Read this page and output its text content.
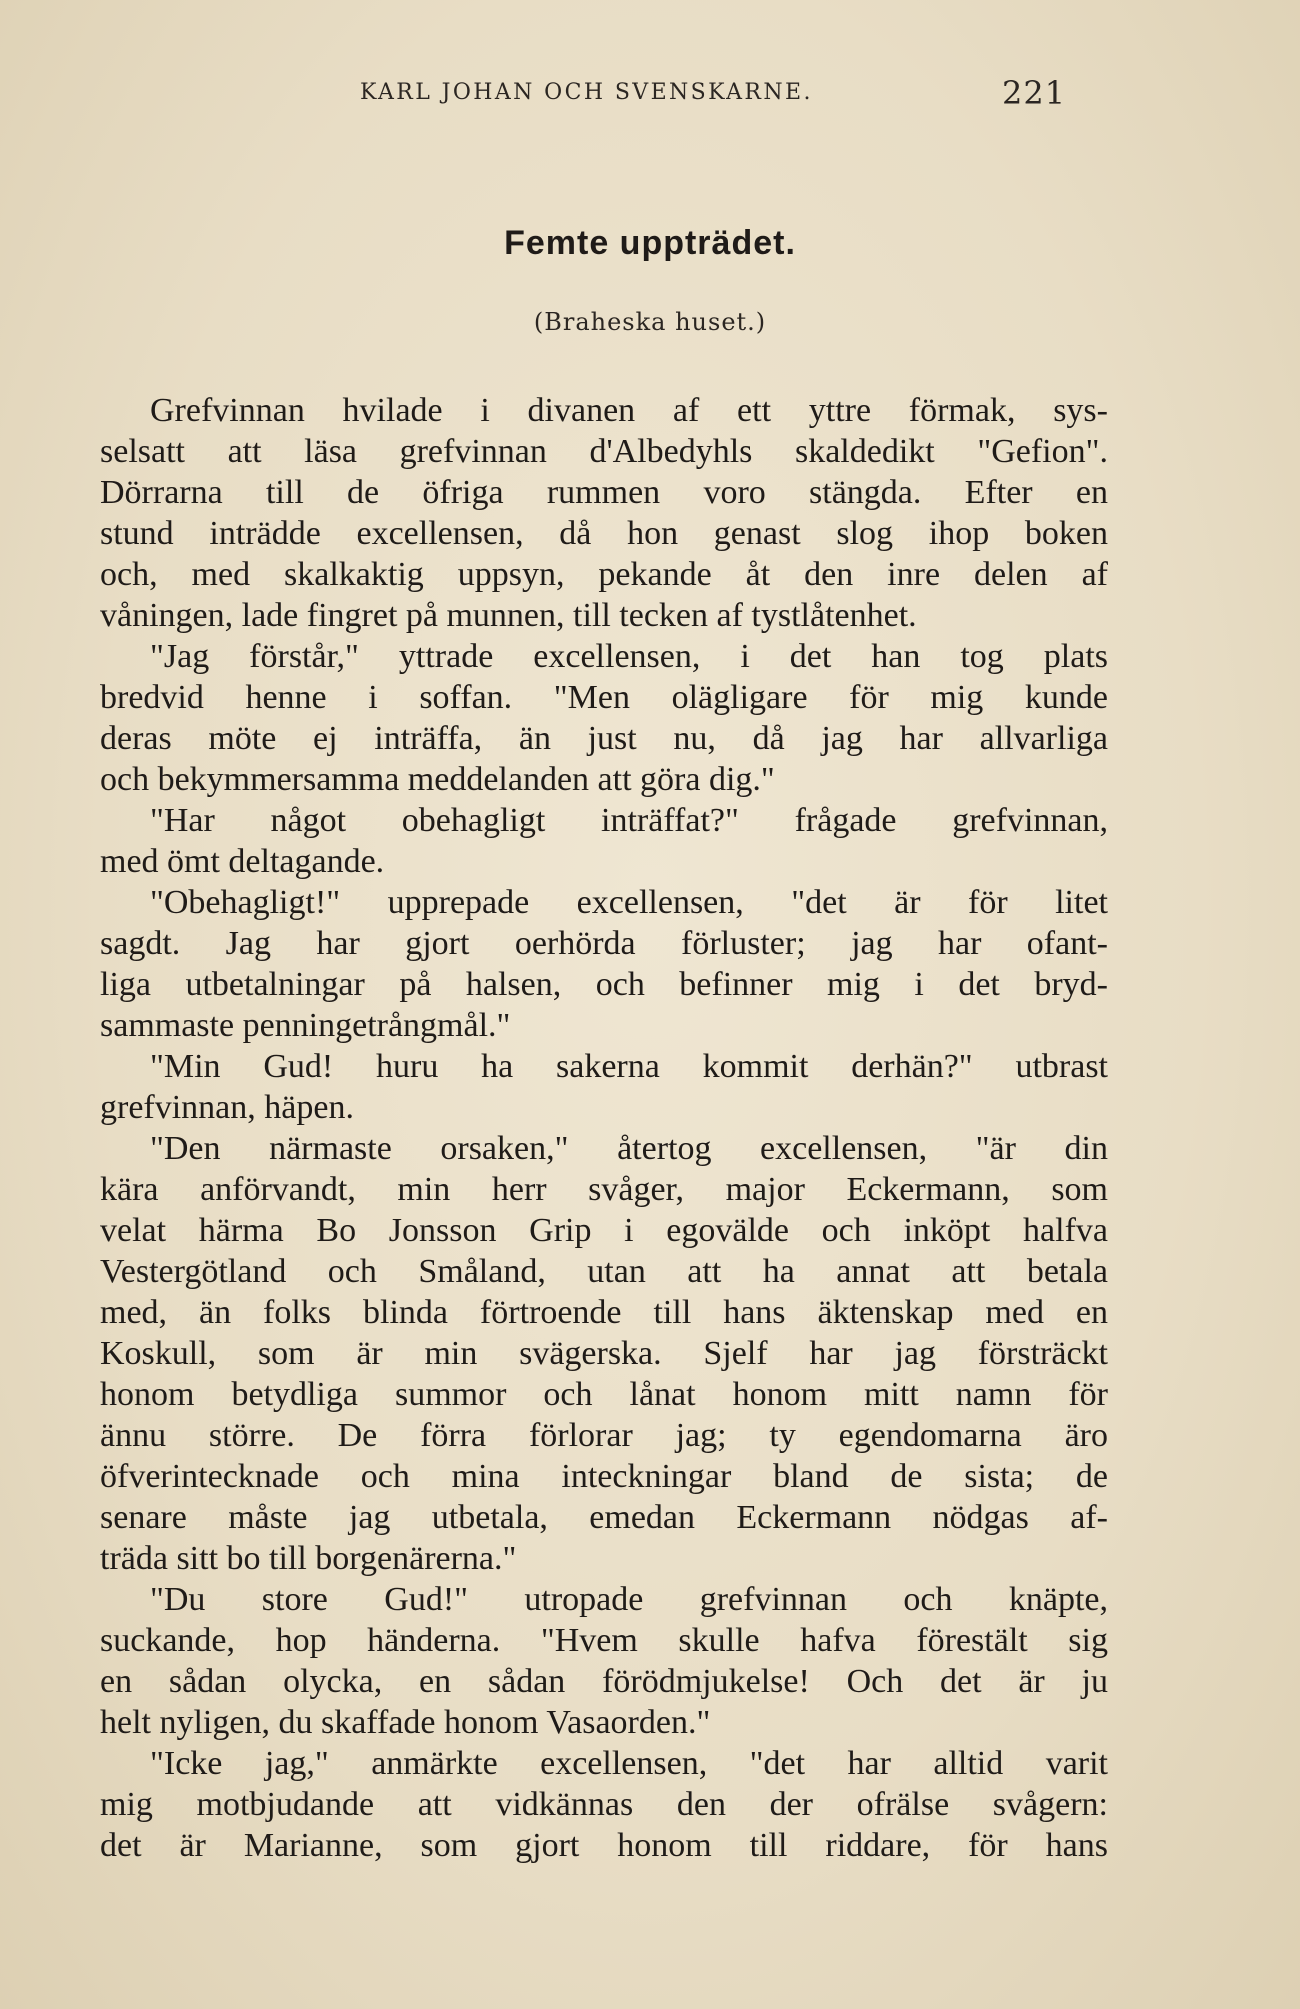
KARL JOHAN OCH SVENSKARNE.	221
Femte uppträdet.
(Braheska huset.)
Grefvinnan hvilade i divanen af ett yttre förmak, sys-
selsatt att läsa grefvinnan d'Albedyhls skaldedikt "Gefion".
Dörrarna till de öfriga rummen voro stängda. Efter en
stund inträdde excellensen, då hon genast slog ihop boken
och, med skalkaktig uppsyn, pekande åt den inre delen af
våningen, lade fingret på munnen, till tecken af tystlåtenhet.
"Jag förstår," yttrade excellensen, i det han tog plats
bredvid henne i soffan. "Men olägligare för mig kunde
deras möte ej inträffa, än just nu, då jag har allvarliga
och bekymmersamma meddelanden att göra dig."
"Har något obehagligt inträffat?" frågade grefvinnan,
med ömt deltagande.
"Obehagligt!" upprepade excellensen, "det är för litet
sagdt. Jag har gjort oerhörda förluster; jag har ofant-
liga utbetalningar på halsen, och befinner mig i det bryd-
sammaste penningetrångmål."
"Min Gud! huru ha sakerna kommit derhän?" utbrast
grefvinnan, häpen.
"Den närmaste orsaken," återtog excellensen, "är din
kära anförvandt, min herr svåger, major Eckermann, som
velat härma Bo Jonsson Grip i egovälde och inköpt halfva
Vestergötland och Småland, utan att ha annat att betala
med, än folks blinda förtroende till hans äktenskap med en
Koskull, som är min svägerska. Sjelf har jag försträckt
honom betydliga summor och lånat honom mitt namn för
ännu större. De förra förlorar jag; ty egendomarna äro
öfverintecknade och mina inteckningar bland de sista; de
senare måste jag utbetala, emedan Eckermann nödgas af-
träda sitt bo till borgenärerna."
"Du store Gud!" utropade grefvinnan och knäpte,
suckande, hop händerna. "Hvem skulle hafva förestält sig
en sådan olycka, en sådan förödmjukelse! Och det är ju
helt nyligen, du skaffade honom Vasaorden."
"Icke jag," anmärkte excellensen, "det har alltid varit
mig motbjudande att vidkännas den der ofrälse svågern:
det är Marianne, som gjort honom till riddare, för hans
